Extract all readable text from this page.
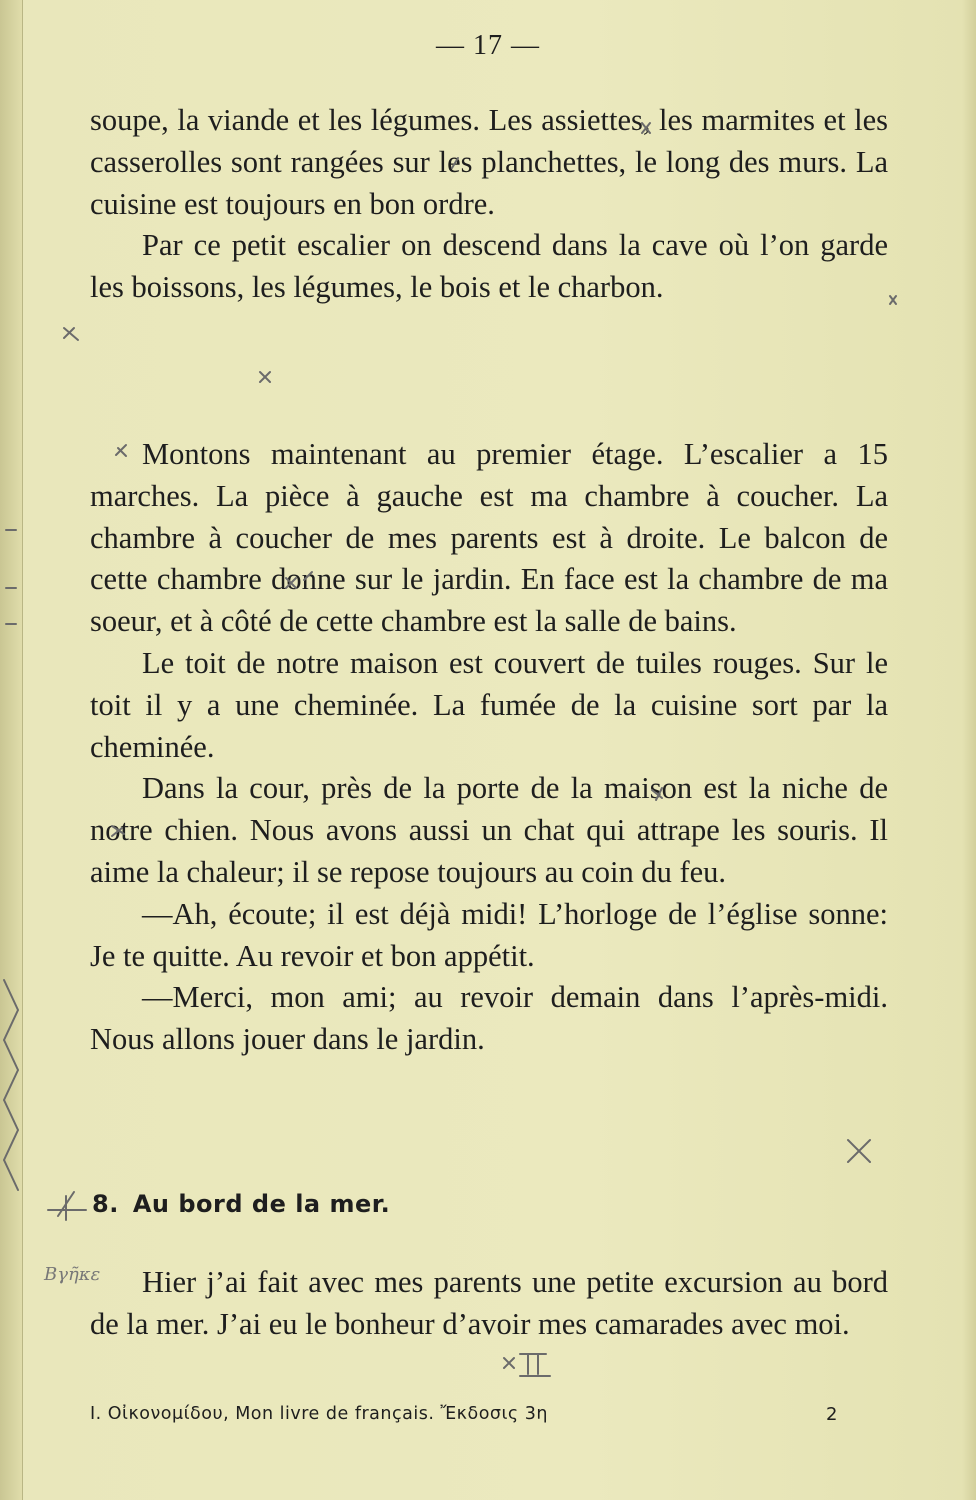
— 17 —

soupe, la viande et les légumes. Les assiettes, les marmites et les casserolles sont rangées sur les planchettes, le long des murs. La cuisine est toujours en bon ordre.

Par ce petit escalier on descend dans la cave où l’on garde les boissons, les légumes, le bois et le charbon.

Montons maintenant au premier étage. L’escalier a 15 marches. La pièce à gauche est ma chambre à coucher. La chambre à coucher de mes parents est à droite. Le balcon de cette chambre donne sur le jardin. En face est la chambre de ma soeur, et à côté de cette chambre est la salle de bains.

Le toit de notre maison est couvert de tuiles rouges. Sur le toit il y a une cheminée. La fumée de la cuisine sort par la cheminée.

Dans la cour, près de la porte de la maison est la niche de notre chien. Nous avons aussi un chat qui attrape les souris. Il aime la chaleur; il se repose toujours au coin du feu.

—Ah, écoute; il est déjà midi! L’horloge de l’église sonne: Je te quitte. Au revoir et bon appétit.

—Merci, mon ami; au revoir demain dans l’après-midi. Nous allons jouer dans le jardin.

8. Au bord de la mer.

Hier j’ai fait avec mes parents une petite excursion au bord de la mer. J’ai eu le bonheur d’avoir mes camarades avec moi.

I. Οἰκονομίδου, Mon livre de français. Ἔκδοσις 3η	2
Βγῆκε
